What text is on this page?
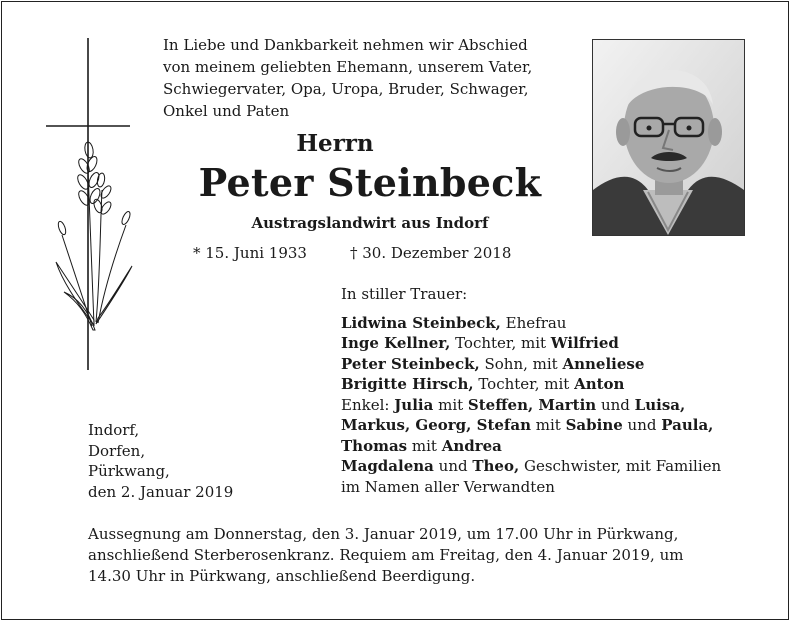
In Liebe und Dankbarkeit nehmen wir Abschied
von meinem geliebten Ehemann, unserem Vater,
Schwiegervater, Opa, Uropa, Bruder, Schwager,
Onkel und Paten
Herrn
Peter Steinbeck
Austragslandwirt aus Indorf
* 15. Juni 1933	† 30. Dezember 2018
In stiller Trauer:
Lidwina Steinbeck, Ehefrau
Inge Kellner, Tochter, mit Wilfried
Peter Steinbeck, Sohn, mit Anneliese
Brigitte Hirsch, Tochter, mit Anton
Enkel: Julia mit Steffen, Martin und Luisa,
Markus, Georg, Stefan mit Sabine und Paula,
Thomas mit Andrea
Magdalena und Theo, Geschwister, mit Familien
im Namen aller Verwandten
Indorf,
Dorfen,
Pürkwang,
den 2. Januar 2019
Aussegnung am Donnerstag, den 3. Januar 2019, um 17.00 Uhr in Pürkwang,
anschließend Sterberosenkranz. Requiem am Freitag, den 4. Januar 2019, um
14.30 Uhr in Pürkwang, anschließend Beerdigung.
